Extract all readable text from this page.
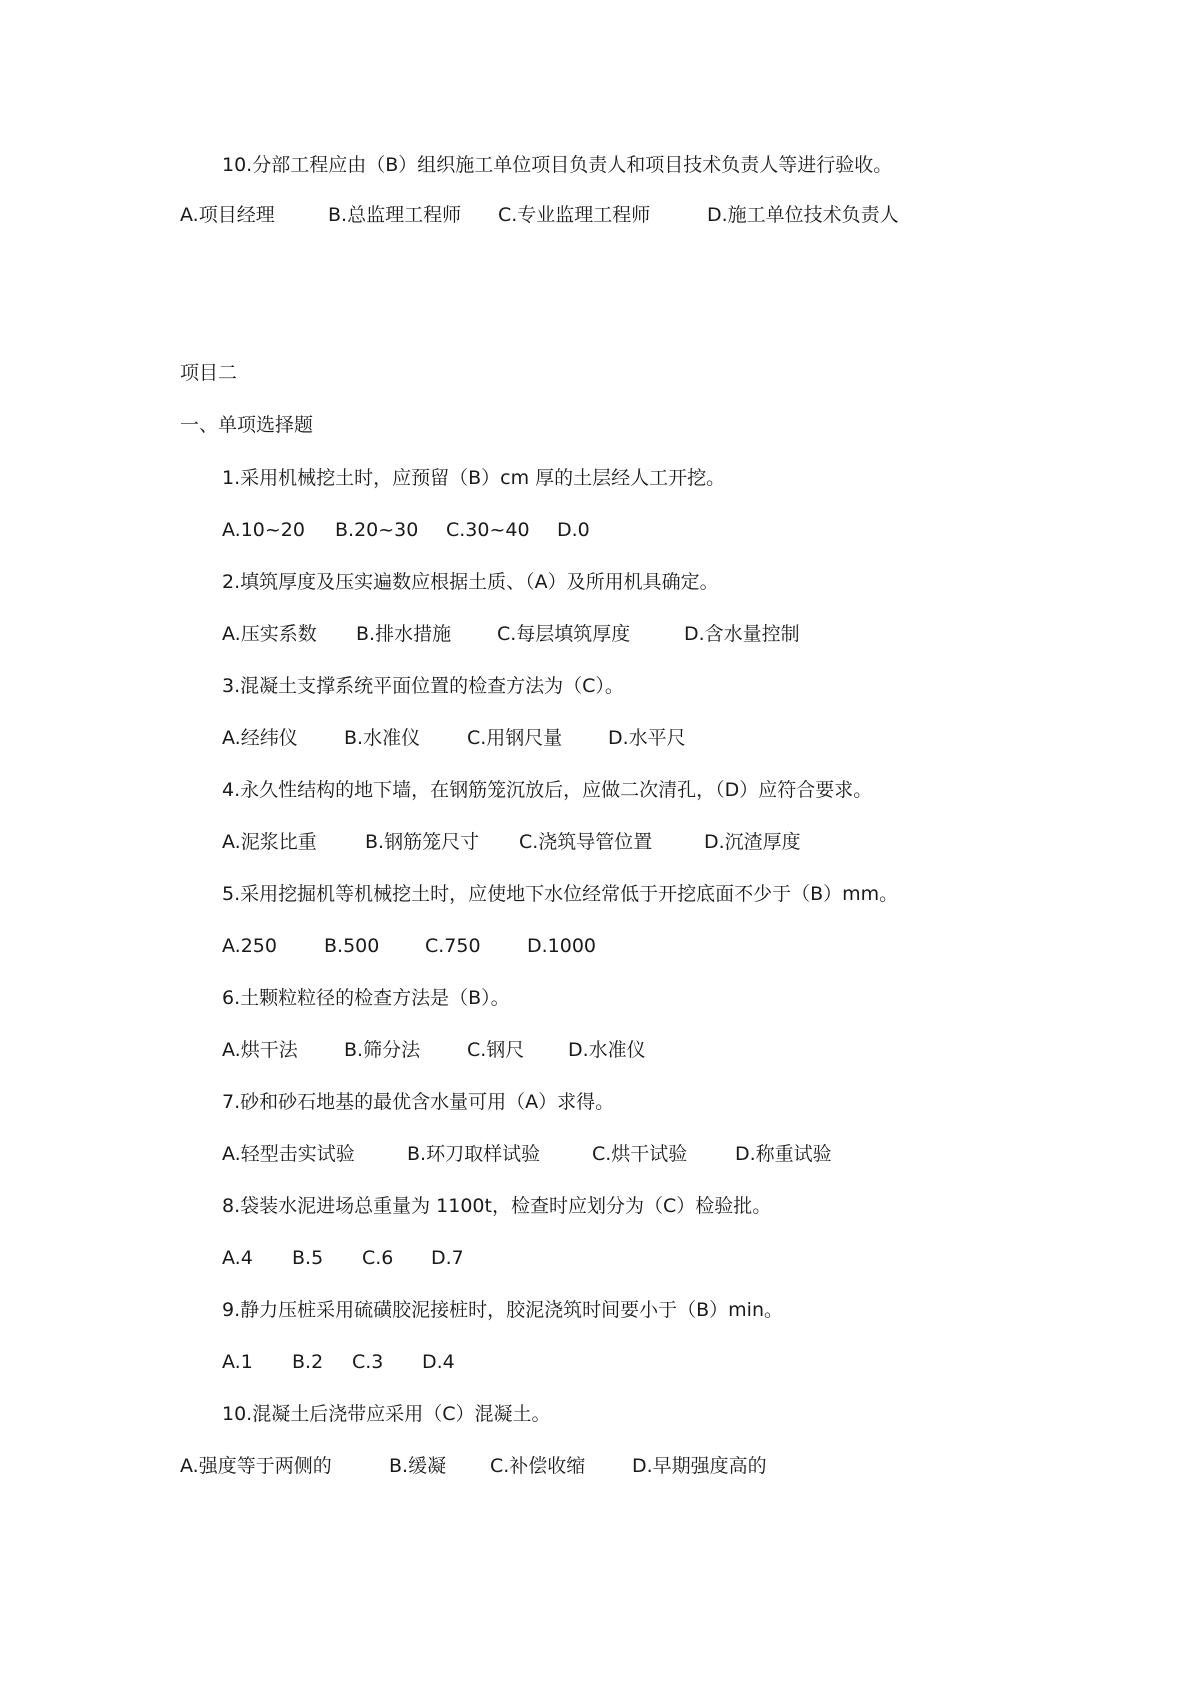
10.分部工程应由（B）组织施工单位项目负责人和项目技术负责人等进行验收。
A.项目经理	B.总监理工程师 C.专业监理工程师	D.施工单位技术负责人
项目二
一、单项选择题
1.采用机械挖土时，应预留（B）cm 厚的土层经人工开挖。
A.10~20 B.20~30 C.30~40 D.0
2.填筑厚度及压实遍数应根据土质、（A）及所用机具确定。
A.压实系数 B.排水措施 C.每层填筑厚度	D.含水量控制
3.混凝土支撑系统平面位置的检查方法为（C）。
A.经纬仪 B.水准仪 C.用钢尺量 D.水平尺
4.永久性结构的地下墙，在钢筋笼沉放后，应做二次清孔，（D）应符合要求。
A.泥浆比重	B.钢筋笼尺寸 C.浇筑导管位置	D.沉渣厚度
5.采用挖掘机等机械挖土时，应使地下水位经常低于开挖底面不少于（B）mm。
A.250 B.500 C.750 D.1000
6.土颗粒粒径的检查方法是（B）。
A.烘干法 B.筛分法 C.钢尺 D.水准仪
7.砂和砂石地基的最优含水量可用（A）求得。
A.轻型击实试验	B.环刀取样试验	C.烘干试验	D.称重试验
8.袋装水泥进场总重量为 1100t，检查时应划分为（C）检验批。
A.4 B.5 C.6 D.7
9.静力压桩采用硫磺胶泥接桩时，胶泥浇筑时间要小于（B）min。
A.1 B.2 C.3 D.4
10.混凝土后浇带应采用（C）混凝土。
A.强度等于两侧的	B.缓凝 C.补偿收缩 D.早期强度高的
